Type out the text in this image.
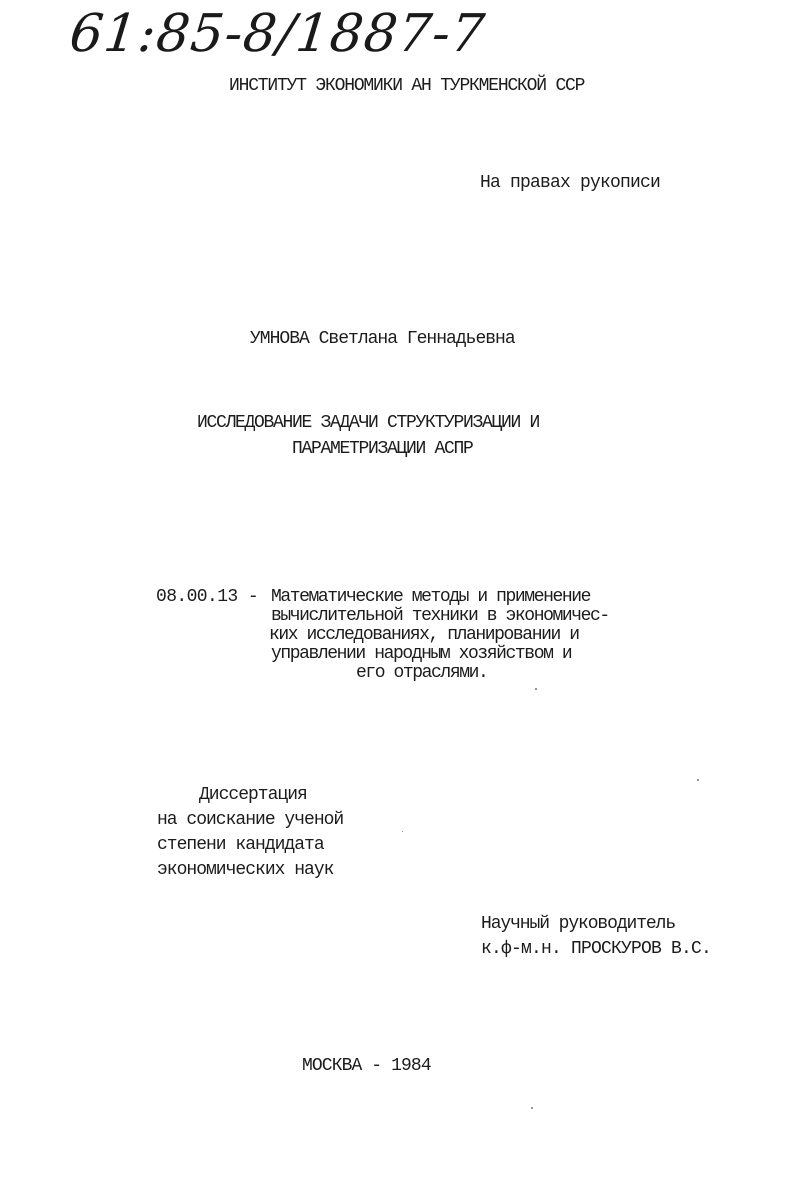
61:85-8/1887-7
ИНСТИТУТ ЭКОНОМИКИ АН ТУРКМЕНСКОЙ ССР
На правах рукописи
УМНОВА Светлана Геннадьевна
ИССЛЕДОВАНИЕ ЗАДАЧИ СТРУКТУРИЗАЦИИ И
ПАРАМЕТРИЗАЦИИ АСПР
08.00.13 - Математические методы и применение
вычислительной техники в экономичес-
ких исследованиях, планировании и
управлении народным хозяйством и
его отраслями.
Диссертация
на соискание ученой
степени кандидата
экономических наук
Научный руководитель
к.ф-м.н. ПРОСКУРОВ В.С.
МОСКВА - 1984
